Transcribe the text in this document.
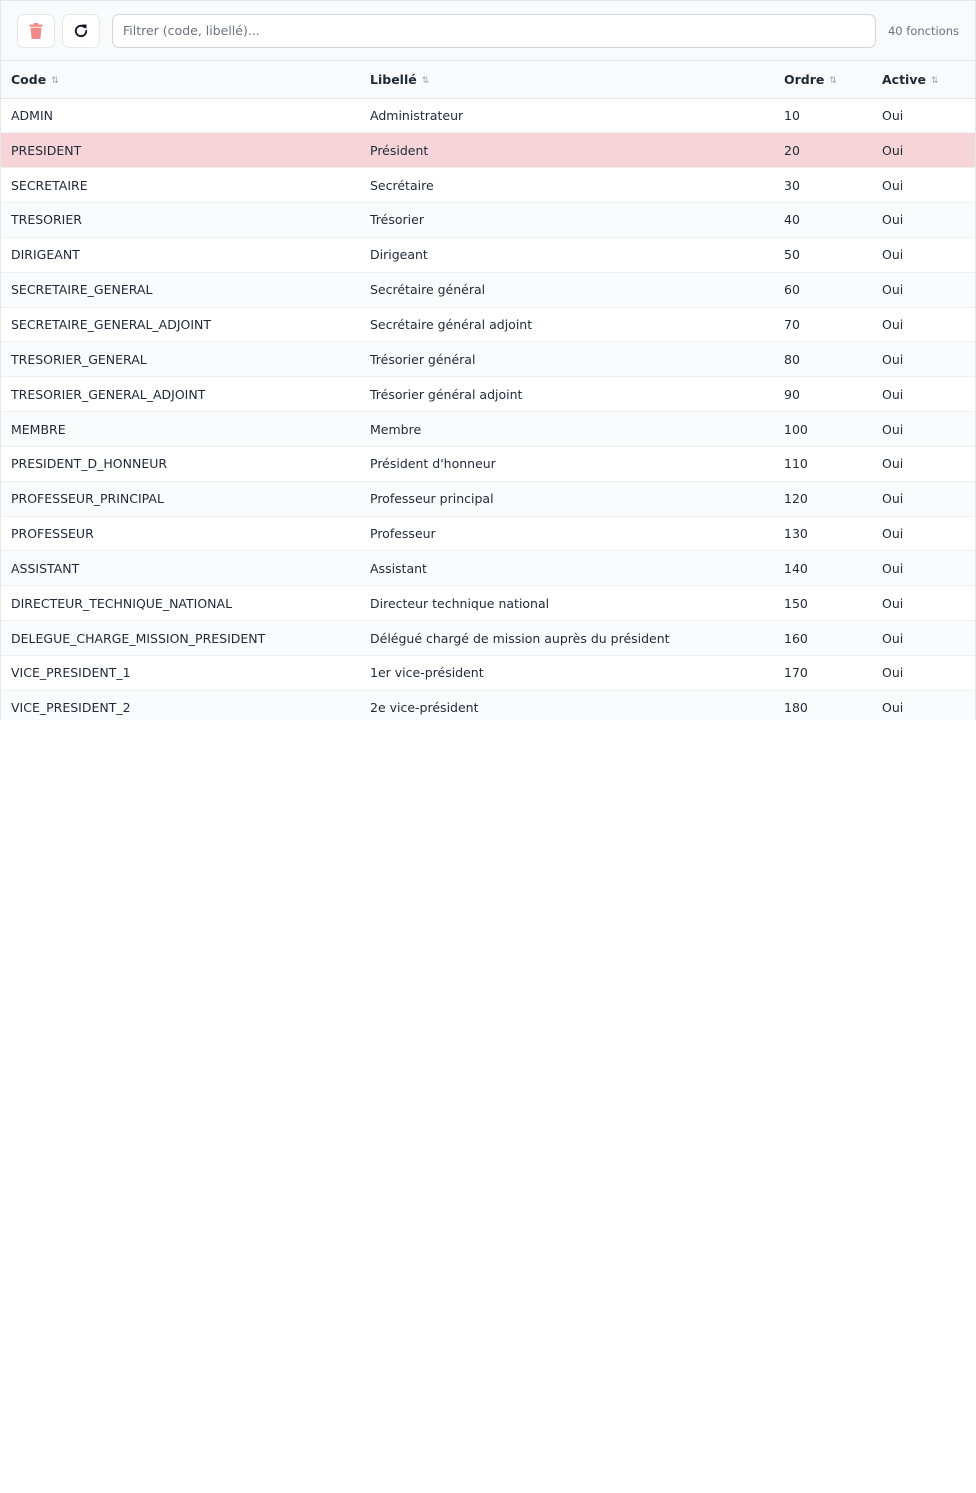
Filtrer (code, libellé)...
40 fonctions
Code ⇅	Libellé ⇅	Ordre ⇅	Active ⇅
ADMIN	Administrateur	10	Oui
PRESIDENT	Président	20	Oui
SECRETAIRE	Secrétaire	30	Oui
TRESORIER	Trésorier	40	Oui
DIRIGEANT	Dirigeant	50	Oui
SECRETAIRE_GENERAL	Secrétaire général	60	Oui
SECRETAIRE_GENERAL_ADJOINT	Secrétaire général adjoint	70	Oui
TRESORIER_GENERAL	Trésorier général	80	Oui
TRESORIER_GENERAL_ADJOINT	Trésorier général adjoint	90	Oui
MEMBRE	Membre	100	Oui
PRESIDENT_D_HONNEUR	Président d'honneur	110	Oui
PROFESSEUR_PRINCIPAL	Professeur principal	120	Oui
PROFESSEUR	Professeur	130	Oui
ASSISTANT	Assistant	140	Oui
DIRECTEUR_TECHNIQUE_NATIONAL	Directeur technique national	150	Oui
DELEGUE_CHARGE_MISSION_PRESIDENT	Délégué chargé de mission auprès du président	160	Oui
VICE_PRESIDENT_1	1er vice-président	170	Oui
VICE_PRESIDENT_2	2e vice-président	180	Oui
